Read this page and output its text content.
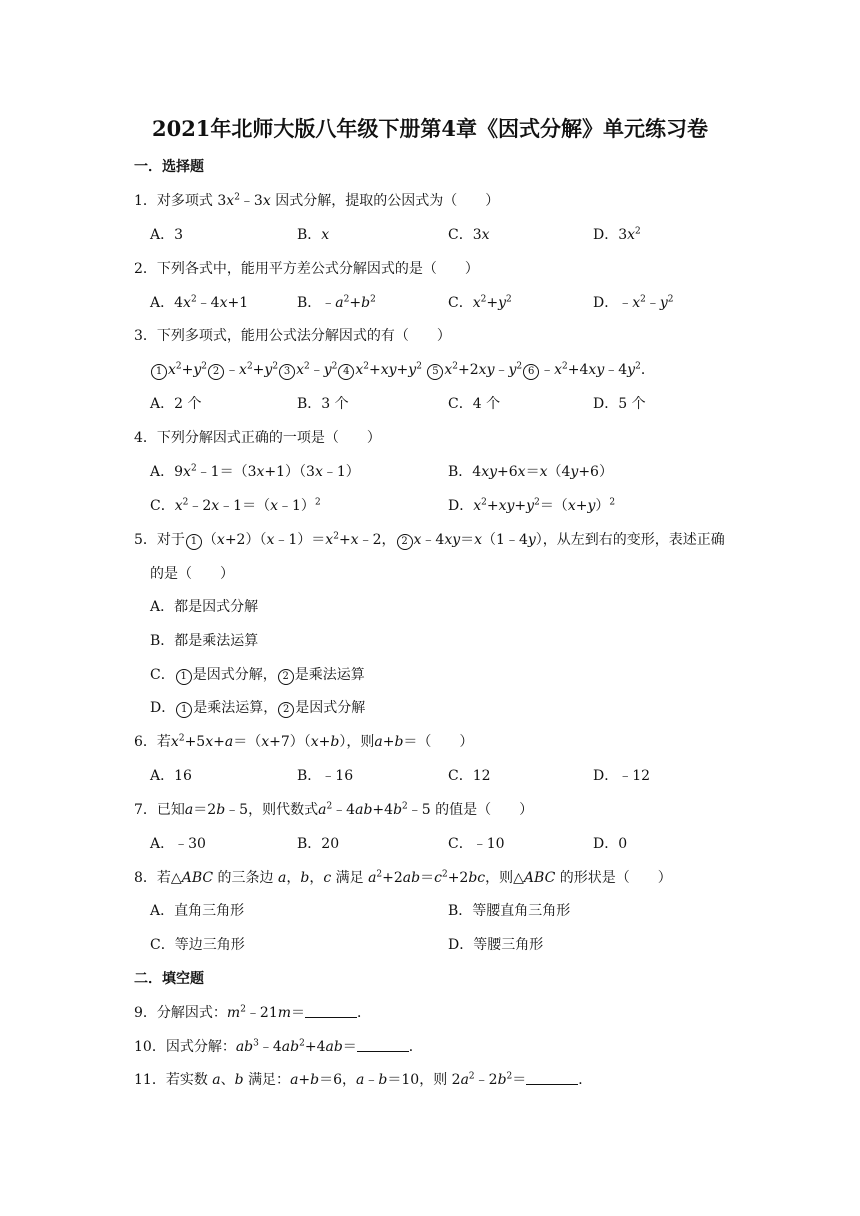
2021年北师大版八年级下册第4章《因式分解》单元练习卷
一．选择题
1．对多项式 $3x^2﹣3x$ 因式分解，提取的公因式为（　　）
A．3	B．x	C．3x	D．$3x^2$
2．下列各式中，能用平方差公式分解因式的是（　　）
A．$4x^2﹣4x+1$	B．$﹣a^2+b^2$	C．$x^2+y^2$	D．$﹣x^2﹣y^2$
3．下列多项式，能用公式法分解因式的有（　　）
1 $x^2+y^2$ 2 $﹣x^2+y^2$ 3 $x^2﹣y^2$ 4 $x^2+xy+y^2$ 5 $x^2+2xy﹣y^2$ 6 $﹣x^2+4xy﹣4y^2$．
A．2 个	B．3 个	C．4 个	D．5 个
4．下列分解因式正确的一项是（　　）
A．$9x^2﹣1=(3x+1)(3x﹣1)$	B．4xy+6x＝x（4y+6）
C．$x^2﹣2x﹣1=(x﹣1)^2$	D．$x^2+xy+y^2=(x+y)^2$
5．对于 1 $(x+2)(x﹣1)=x^2+x﹣2$， 2 x﹣4xy＝x（1﹣4y），从左到右的变形，表述正确
的是（　　）
A．都是因式分解
B．都是乘法运算
C． 1 是因式分解， 2 是乘法运算
D． 1 是乘法运算， 2 是因式分解
6．若$x^2+5x+a=(x+7)(x+b)$，则a+b＝（　　）
A．16	B．﹣16	C．12	D．﹣12
7．已知a＝2b﹣5，则代数式$a^2﹣4ab+4b^2﹣5$ 的值是（　　）
A．﹣30	B．20	C．﹣10	D．0
8．若△ABC 的三条边 a，b，c 满足 $a^2+2ab=c^2+2bc$，则△ABC 的形状是（　　）
A．直角三角形	B．等腰直角三角形
C．等边三角形	D．等腰三角形
二．填空题
9．分解因式：$m^2﹣21m=$	．
10．因式分解：$ab^3﹣4ab^2+4ab=$	．
11．若实数 a、b 满足：a+b＝6，a﹣b＝10，则 $2a^2﹣2b^2=$	．
